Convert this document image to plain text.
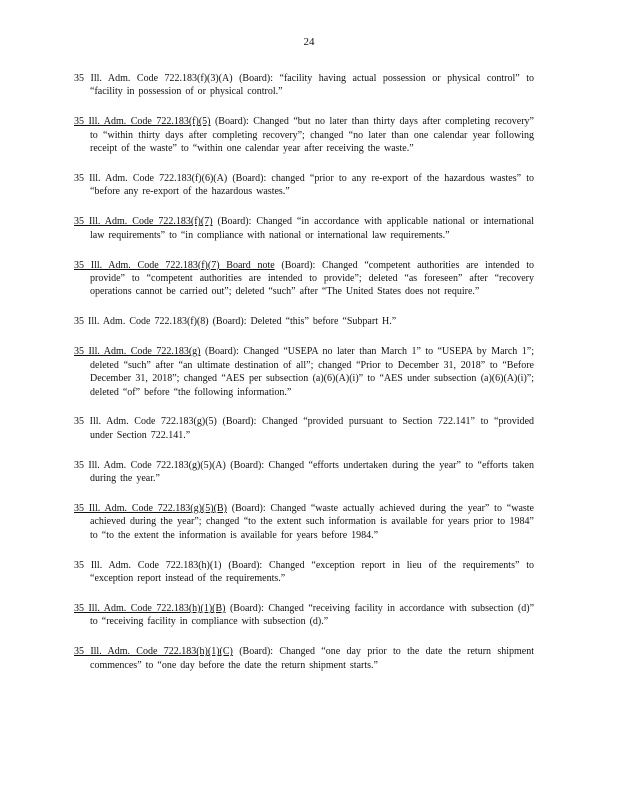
24

35 Ill. Adm. Code 722.183(f)(3)(A) (Board): “facility having actual possession or physical control” to “facility in possession of or physical control.”

35 Ill. Adm. Code 722.183(f)(5) (Board): Changed “but no later than thirty days after completing recovery” to “within thirty days after completing recovery”; changed “no later than one calendar year following receipt of the waste” to “within one calendar year after receiving the waste.”

35 Ill. Adm. Code 722.183(f)(6)(A) (Board): changed “prior to any re-export of the hazardous wastes” to “before any re-export of the hazardous wastes.”

35 Ill. Adm. Code 722.183(f)(7) (Board): Changed “in accordance with applicable national or international law requirements” to “in compliance with national or international law requirements.”

35 Ill. Adm. Code 722.183(f)(7) Board note (Board): Changed “competent authorities are intended to provide” to “competent authorities are intended to provide”; deleted “as foreseen” after “recovery operations cannot be carried out”; deleted “such” after “The United States does not require.”

35 Ill. Adm. Code 722.183(f)(8) (Board): Deleted “this” before “Subpart H.”

35 Ill. Adm. Code 722.183(g) (Board): Changed “USEPA no later than March 1” to “USEPA by March 1”; deleted “such” after “an ultimate destination of all”; changed “Prior to December 31, 2018” to “Before December 31, 2018”; changed “AES per subsection (a)(6)(A)(i)” to “AES under subsection (a)(6)(A)(i)”; deleted “of” before “the following information.”

35 Ill. Adm. Code 722.183(g)(5) (Board): Changed “provided pursuant to Section 722.141” to “provided under Section 722.141.”

35 Ill. Adm. Code 722.183(g)(5)(A) (Board): Changed “efforts undertaken during the year” to “efforts taken during the year.”

35 Ill. Adm. Code 722.183(g)(5)(B) (Board): Changed “waste actually achieved during the year” to “waste achieved during the year”; changed “to the extent such information is available for years prior to 1984” to “to the extent the information is available for years before 1984.”

35 Ill. Adm. Code 722.183(h)(1) (Board): Changed “exception report in lieu of the requirements” to “exception report instead of the requirements.”

35 Ill. Adm. Code 722.183(h)(1)(B) (Board): Changed “receiving facility in accordance with subsection (d)” to “receiving facility in compliance with subsection (d).”

35 Ill. Adm. Code 722.183(h)(1)(C) (Board): Changed “one day prior to the date the return shipment commences” to “one day before the date the return shipment starts.”
